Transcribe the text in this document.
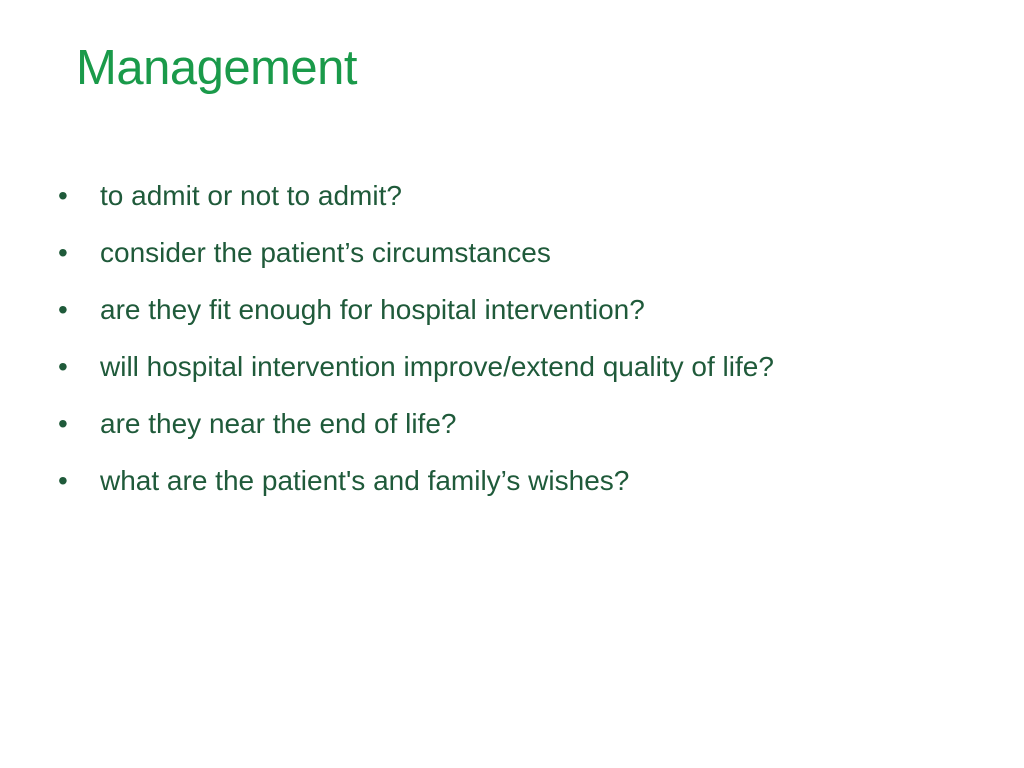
Management
•	to admit or not to admit?
•	consider the patient’s circumstances
•	are they fit enough for hospital intervention?
•	will hospital intervention improve/extend quality of life?
•	are they near the end of life?
•	what are the patient's and family’s wishes?
